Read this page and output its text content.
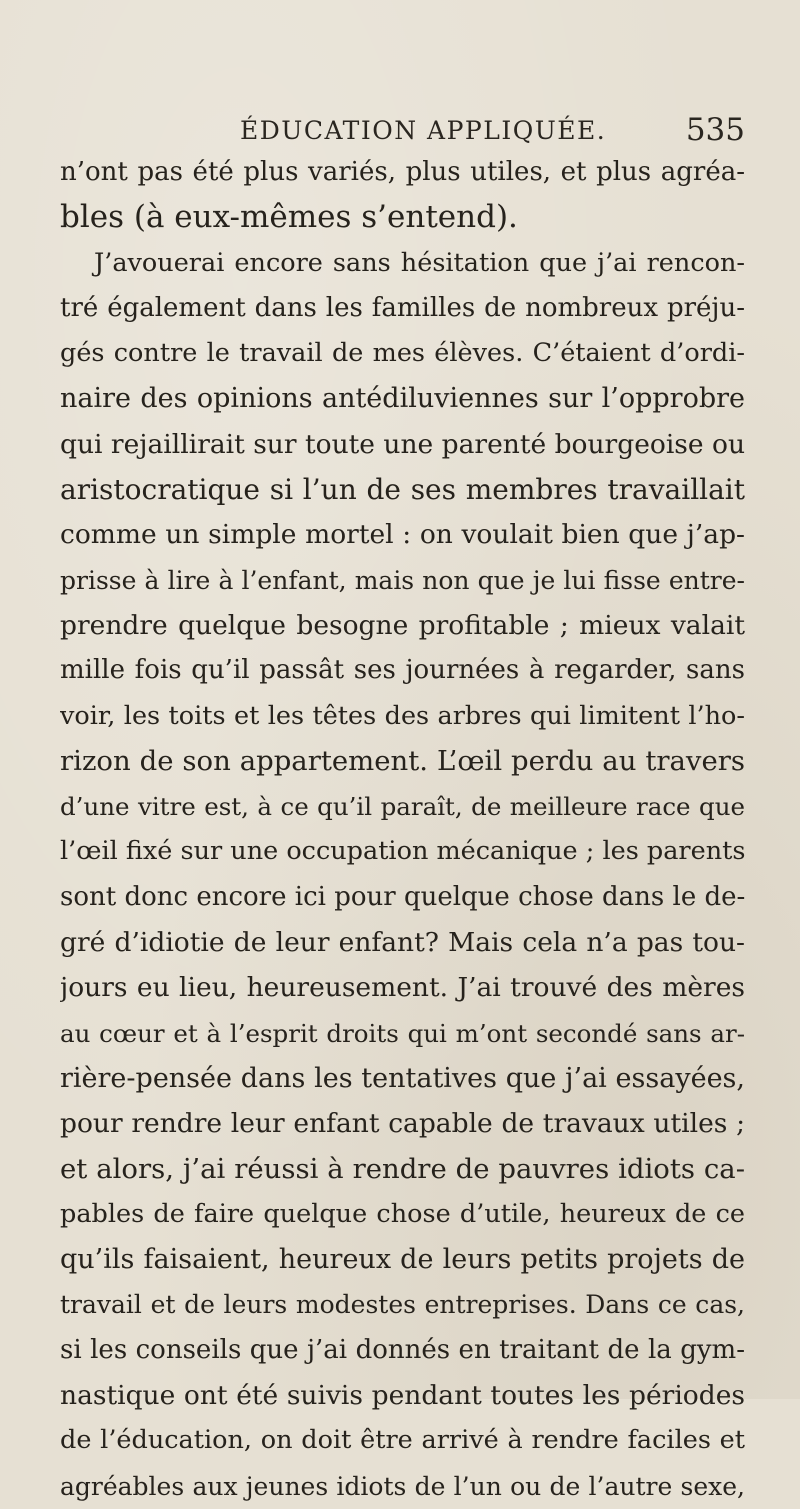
ÉDUCATION APPLIQUÉE.	535
n’ont pas été plus variés, plus utiles, et plus agréa-
bles (à eux-mêmes s’entend).
J’avouerai encore sans hésitation que j’ai rencon-
tré également dans les familles de nombreux préju-
gés contre le travail de mes élèves. C’étaient d’ordi-
naire des opinions antédiluviennes sur l’opprobre
qui rejaillirait sur toute une parenté bourgeoise ou
aristocratique si l’un de ses membres travaillait
comme un simple mortel : on voulait bien que j’ap-
prisse à lire à l’enfant, mais non que je lui fisse entre-
prendre quelque besogne profitable ; mieux valait
mille fois qu’il passât ses journées à regarder, sans
voir, les toits et les têtes des arbres qui limitent l’ho-
rizon de son appartement. L’œil perdu au travers
d’une vitre est, à ce qu’il paraît, de meilleure race que
l’œil fixé sur une occupation mécanique ; les parents
sont donc encore ici pour quelque chose dans le de-
gré d’idiotie de leur enfant? Mais cela n’a pas tou-
jours eu lieu, heureusement. J’ai trouvé des mères
au cœur et à l’esprit droits qui m’ont secondé sans ar-
rière-pensée dans les tentatives que j’ai essayées,
pour rendre leur enfant capable de travaux utiles ;
et alors, j’ai réussi à rendre de pauvres idiots ca-
pables de faire quelque chose d’utile, heureux de ce
qu’ils faisaient, heureux de leurs petits projets de
travail et de leurs modestes entreprises. Dans ce cas,
si les conseils que j’ai donnés en traitant de la gym-
nastique ont été suivis pendant toutes les périodes
de l’éducation, on doit être arrivé à rendre faciles et
agréables aux jeunes idiots de l’un ou de l’autre sexe,
